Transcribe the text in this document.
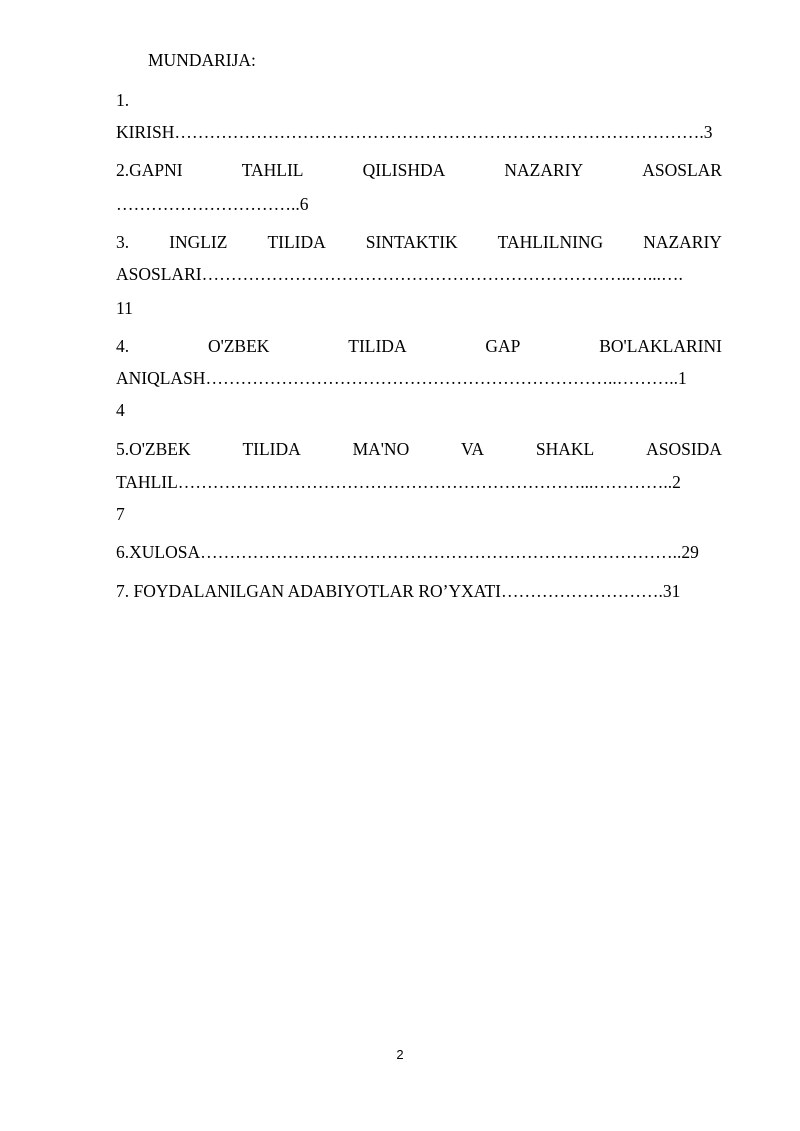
MUNDARIJA:
1.
KIRISH……………………………………………………………………………….3
2.GAPNI	TAHLIL	QILISHDA	NAZARIY	ASOSLAR
…………………………..6
3. INGLIZ TILIDA SINTAKTIK TAHLILNING NAZARIY
ASOSLARI………………………………………………………………..…...….
11
4.	O'ZBEK	TILIDA	GAP	BO'LAKLARINI
ANIQLASH……………………………………………………………..………..1
4
5.O'ZBEK	TILIDA	MA'NO	VA	SHAKL	ASOSIDA
TAHLIL……………………………………………………………...…………..2
7
6.XULOSA………………………………………………………………………..29
7. FOYDALANILGAN ADABIYOTLAR RO’YXATI……………………….31
2
